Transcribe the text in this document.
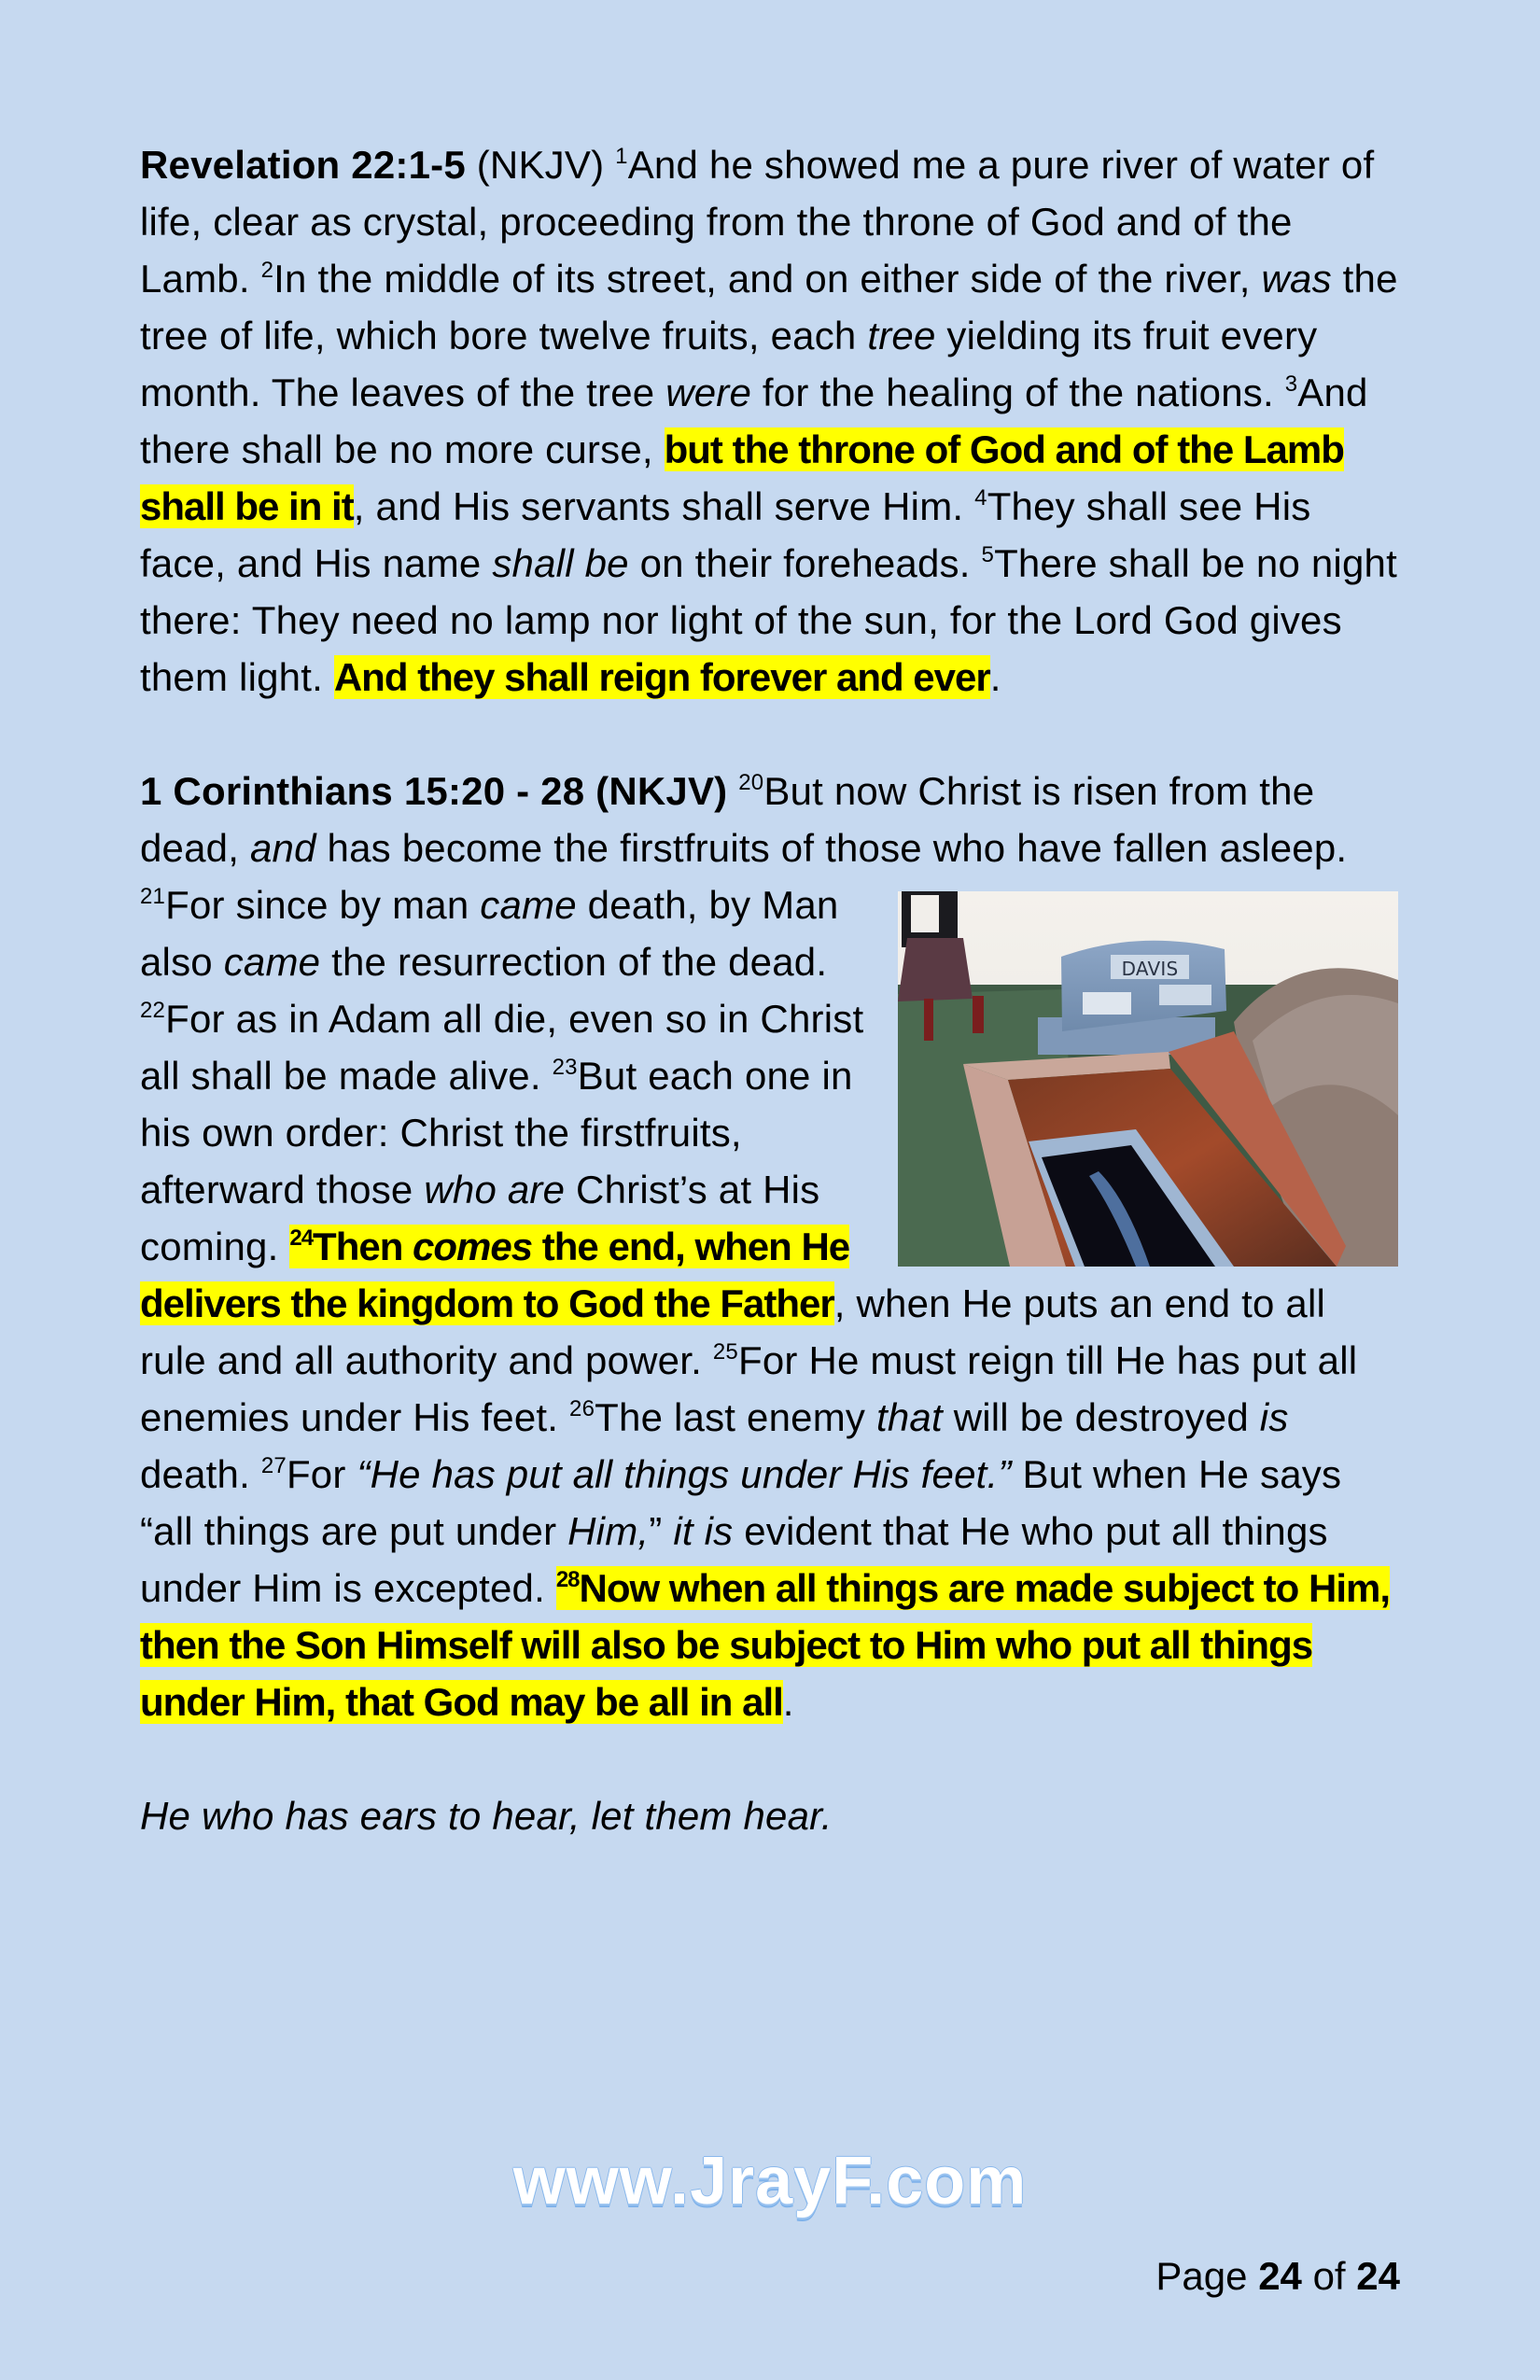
Revelation 22:1-5 (NKJV) $^1$And he showed me a pure river of water of life, clear as crystal, proceeding from the throne of God and of the Lamb. $^2$In the middle of its street, and on either side of the river, was the tree of life, which bore twelve fruits, each tree yielding its fruit every month. The leaves of the tree were for the healing of the nations. $^3$And there shall be no more curse, but the throne of God and of the Lamb shall be in it, and His servants shall serve Him. $^4$They shall see His face, and His name shall be on their foreheads. $^5$There shall be no night there: They need no lamp nor light of the sun, for the Lord God gives them light. And they shall reign forever and ever.

1 Corinthians 15:20 - 28 (NKJV) $^{20}$But now Christ is risen from the dead, and has become the firstfruits of those who have fallen asleep.
DAVIS
$^{21}$For since by man came death, by Man also came the resurrection of the dead. $^{22}$For as in Adam all die, even so in Christ all shall be made alive. $^{23}$But each one in his own order: Christ the firstfruits, afterward those who are Christ’s at His coming. $^{24}$Then comes the end, when He delivers the kingdom to God the Father, when He puts an end to all rule and all authority and power. $^{25}$For He must reign till He has put all enemies under His feet. $^{26}$The last enemy that will be destroyed is death. $^{27}$For “He has put all things under His feet.” But when He says “all things are put under Him,” it is evident that He who put all things under Him is excepted. $^{28}$Now when all things are made subject to Him, then the Son Himself will also be subject to Him who put all things under Him, that God may be all in all.

He who has ears to hear, let them hear.

www.JrayF.com
Page 24 of 24
